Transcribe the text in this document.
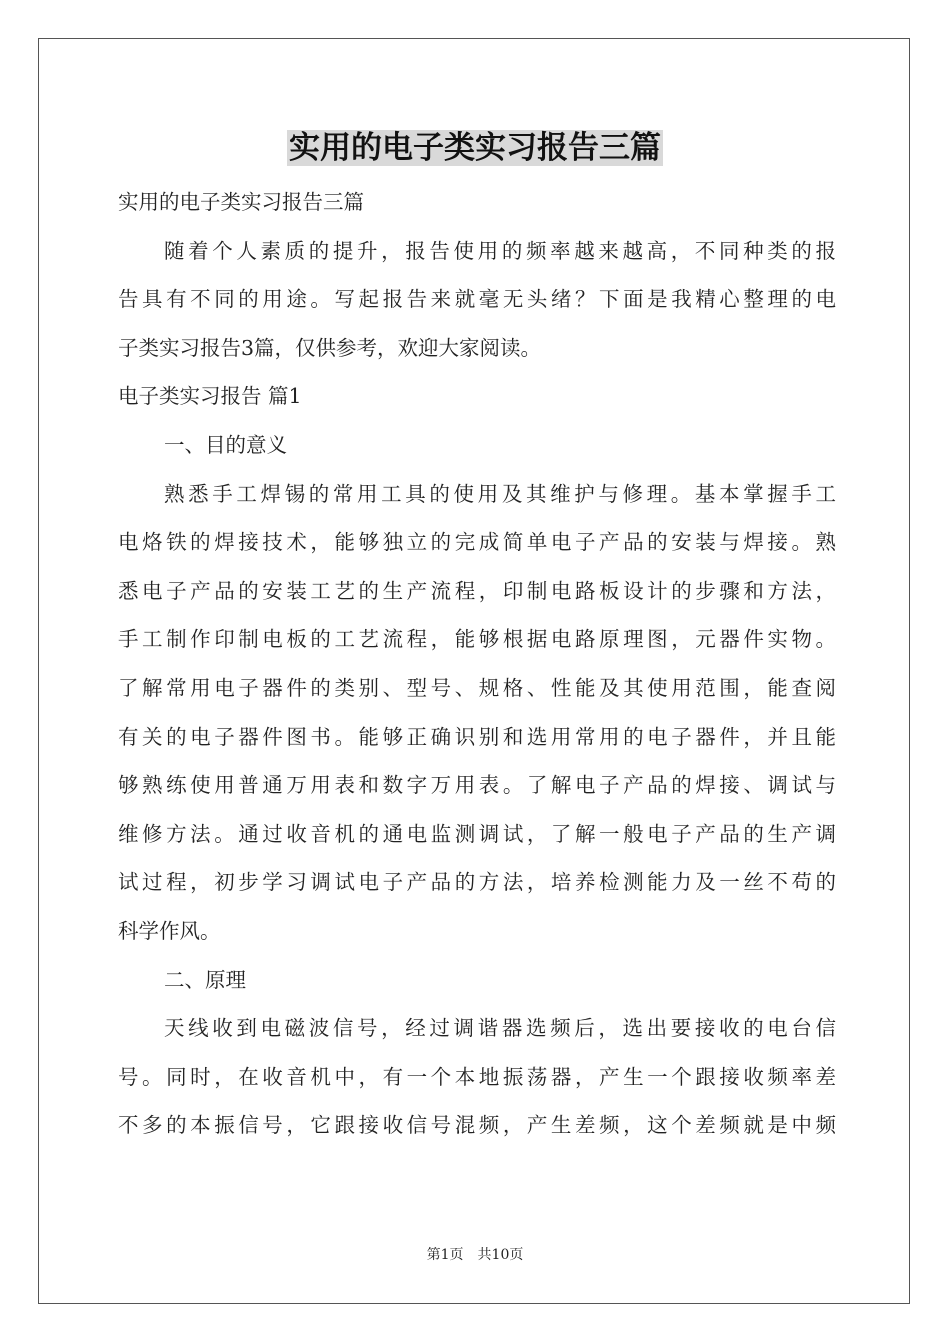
实用的电子类实习报告三篇
实用的电子类实习报告三篇
随着个人素质的提升，报告使用的频率越来越高，不同种类的报
告具有不同的用途。写起报告来就毫无头绪？下面是我精心整理的电
子类实习报告3篇，仅供参考，欢迎大家阅读。
电子类实习报告 篇1
一、目的意义
熟悉手工焊锡的常用工具的使用及其维护与修理。基本掌握手工
电烙铁的焊接技术，能够独立的完成简单电子产品的安装与焊接。熟
悉电子产品的安装工艺的生产流程，印制电路板设计的步骤和方法，
手工制作印制电板的工艺流程，能够根据电路原理图，元器件实物。
了解常用电子器件的类别、型号、规格、性能及其使用范围，能查阅
有关的电子器件图书。能够正确识别和选用常用的电子器件，并且能
够熟练使用普通万用表和数字万用表。了解电子产品的焊接、调试与
维修方法。通过收音机的通电监测调试，了解一般电子产品的生产调
试过程，初步学习调试电子产品的方法，培养检测能力及一丝不苟的
科学作风。
二、原理
天线收到电磁波信号，经过调谐器选频后，选出要接收的电台信
号。同时，在收音机中，有一个本地振荡器，产生一个跟接收频率差
不多的本振信号，它跟接收信号混频，产生差频，这个差频就是中频
第1页 共10页
